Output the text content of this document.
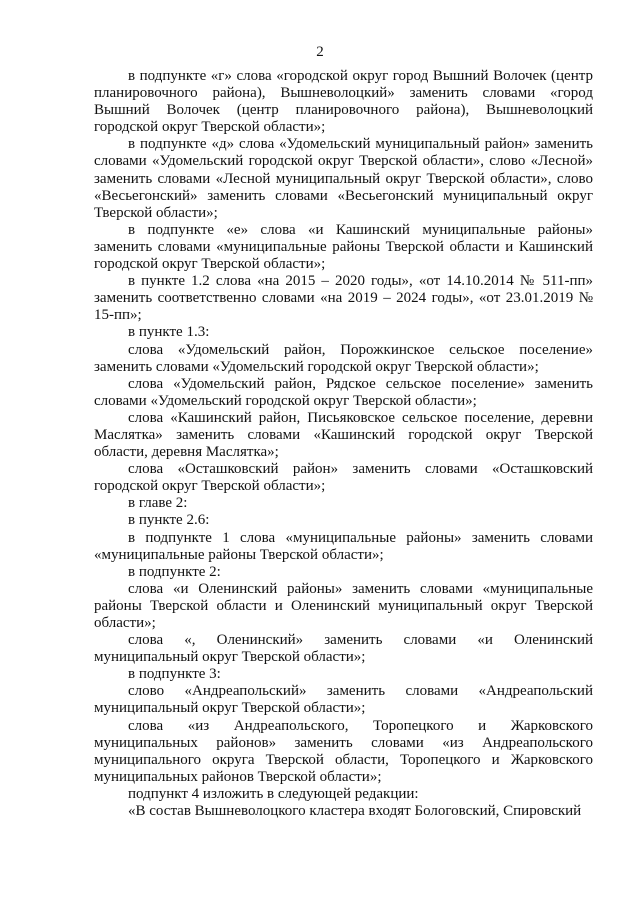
2

в подпункте «г» слова «городской округ город Вышний Волочек (центр планировочного района), Вышневолоцкий» заменить словами «город Вышний Волочек (центр планировочного района), Вышневолоцкий городской округ Тверской области»;

в подпункте «д» слова «Удомельский муниципальный район» заменить словами «Удомельский городской округ Тверской области», слово «Лесной» заменить словами «Лесной муниципальный округ Тверской области», слово «Весьегонский» заменить словами «Весьегонский муниципальный округ Тверской области»;

в подпункте «е» слова «и Кашинский муниципальные районы» заменить словами «муниципальные районы Тверской области и Кашинский городской округ Тверской области»;

в пункте 1.2 слова «на 2015 – 2020 годы», «от 14.10.2014 № 511-пп» заменить соответственно словами «на 2019 – 2024 годы», «от 23.01.2019 № 15-пп»;

в пункте 1.3:

слова «Удомельский район, Порожкинское сельское поселение» заменить словами «Удомельский городской округ Тверской области»;

слова «Удомельский район, Рядское сельское поселение» заменить словами «Удомельский городской округ Тверской области»;

слова «Кашинский район, Письяковское сельское поселение, деревни Маслятка» заменить словами «Кашинский городской округ Тверской области, деревня Маслятка»;

слова «Осташковский район» заменить словами «Осташковский городской округ Тверской области»;

в главе 2:

в пункте 2.6:

в подпункте 1 слова «муниципальные районы» заменить словами «муниципальные районы Тверской области»;

в подпункте 2:

слова «и Оленинский районы» заменить словами «муниципальные районы Тверской области и Оленинский муниципальный округ Тверской области»;

слова «, Оленинский» заменить словами «и Оленинский муниципальный округ Тверской области»;

в подпункте 3:

слово «Андреапольский» заменить словами «Андреапольский муниципальный округ Тверской области»;

слова «из Андреапольского, Торопецкого и Жарковского муниципальных районов» заменить словами «из Андреапольского муниципального округа Тверской области, Торопецкого и Жарковского муниципальных районов Тверской области»;

подпункт 4 изложить в следующей редакции:

«В состав Вышневолоцкого кластера входят Бологовский, Спировский
